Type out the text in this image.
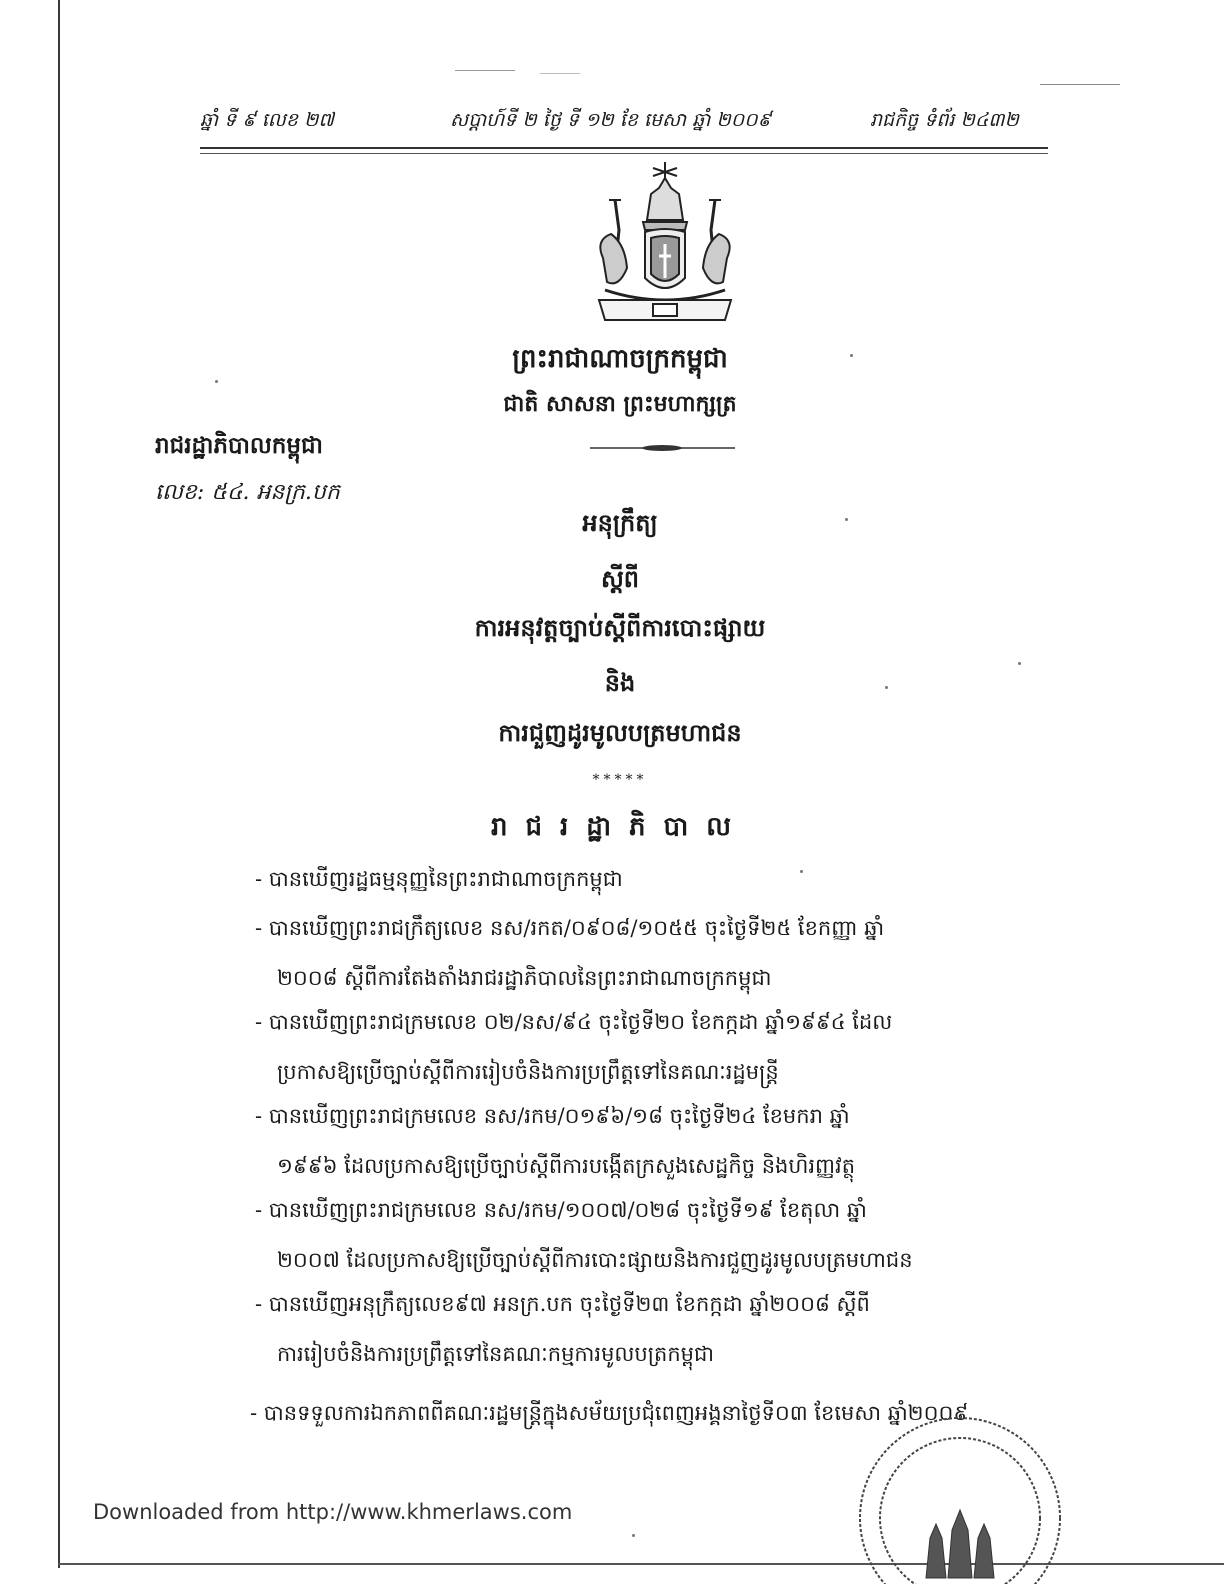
ឆ្នាំ ទី ៩ លេខ ២៧	សប្តាហ៍ទី ២ ថ្ងៃ ទី ១២ ខែ មេសា ឆ្នាំ ២០០៩	រាជកិច្ច ទំព័រ ២៤៣២
ព្រះរាជាណាចក្រកម្ពុជា
ជាតិ សាសនា ព្រះមហាក្សត្រ
រាជរដ្ឋាភិបាលកម្ពុជា
លេខ: ៥៤. អនក្រ.បក
អនុក្រឹត្យ
ស្តីពី
ការអនុវត្តច្បាប់ស្តីពីការបោះផ្សាយ
និង
ការជួញដូរមូលបត្រមហាជន
*****
រាជរដ្ឋាភិបាល
- បានឃើញរដ្ឋធម្មនុញ្ញនៃព្រះរាជាណាចក្រកម្ពុជា
- បានឃើញព្រះរាជក្រឹត្យលេខ នស/រកត/០៩០៨/១០៥៥ ចុះថ្ងៃទី២៥ ខែកញ្ញា ឆ្នាំ
២០០៨ ស្តីពីការតែងតាំងរាជរដ្ឋាភិបាលនៃព្រះរាជាណាចក្រកម្ពុជា
- បានឃើញព្រះរាជក្រមលេខ ០២/នស/៩៤ ចុះថ្ងៃទី២០ ខែកក្កដា ឆ្នាំ១៩៩៤ ដែល
ប្រកាសឱ្យប្រើច្បាប់ស្តីពីការរៀបចំនិងការប្រព្រឹត្តទៅនៃគណៈរដ្ឋមន្ត្រី
- បានឃើញព្រះរាជក្រមលេខ នស/រកម/០១៩៦/១៨ ចុះថ្ងៃទី២៤ ខែមករា ឆ្នាំ
១៩៩៦ ដែលប្រកាសឱ្យប្រើច្បាប់ស្តីពីការបង្កើតក្រសួងសេដ្ឋកិច្ច និងហិរញ្ញវត្ថុ
- បានឃើញព្រះរាជក្រមលេខ នស/រកម/១០០៧/០២៨ ចុះថ្ងៃទី១៩ ខែតុលា ឆ្នាំ
២០០៧ ដែលប្រកាសឱ្យប្រើច្បាប់ស្តីពីការបោះផ្សាយនិងការជួញដូរមូលបត្រមហាជន
- បានឃើញអនុក្រឹត្យលេខ៩៧ អនក្រ.បក ចុះថ្ងៃទី២៣ ខែកក្កដា ឆ្នាំ២០០៨ ស្តីពី
ការរៀបចំនិងការប្រព្រឹត្តទៅនៃគណៈកម្មការមូលបត្រកម្ពុជា
- បានទទួលការឯកភាពពីគណៈរដ្ឋមន្ត្រីក្នុងសម័យប្រជុំពេញអង្គនាថ្ងៃទី០៣ ខែមេសា ឆ្នាំ២០០៩
Downloaded from http://www.khmerlaws.com
